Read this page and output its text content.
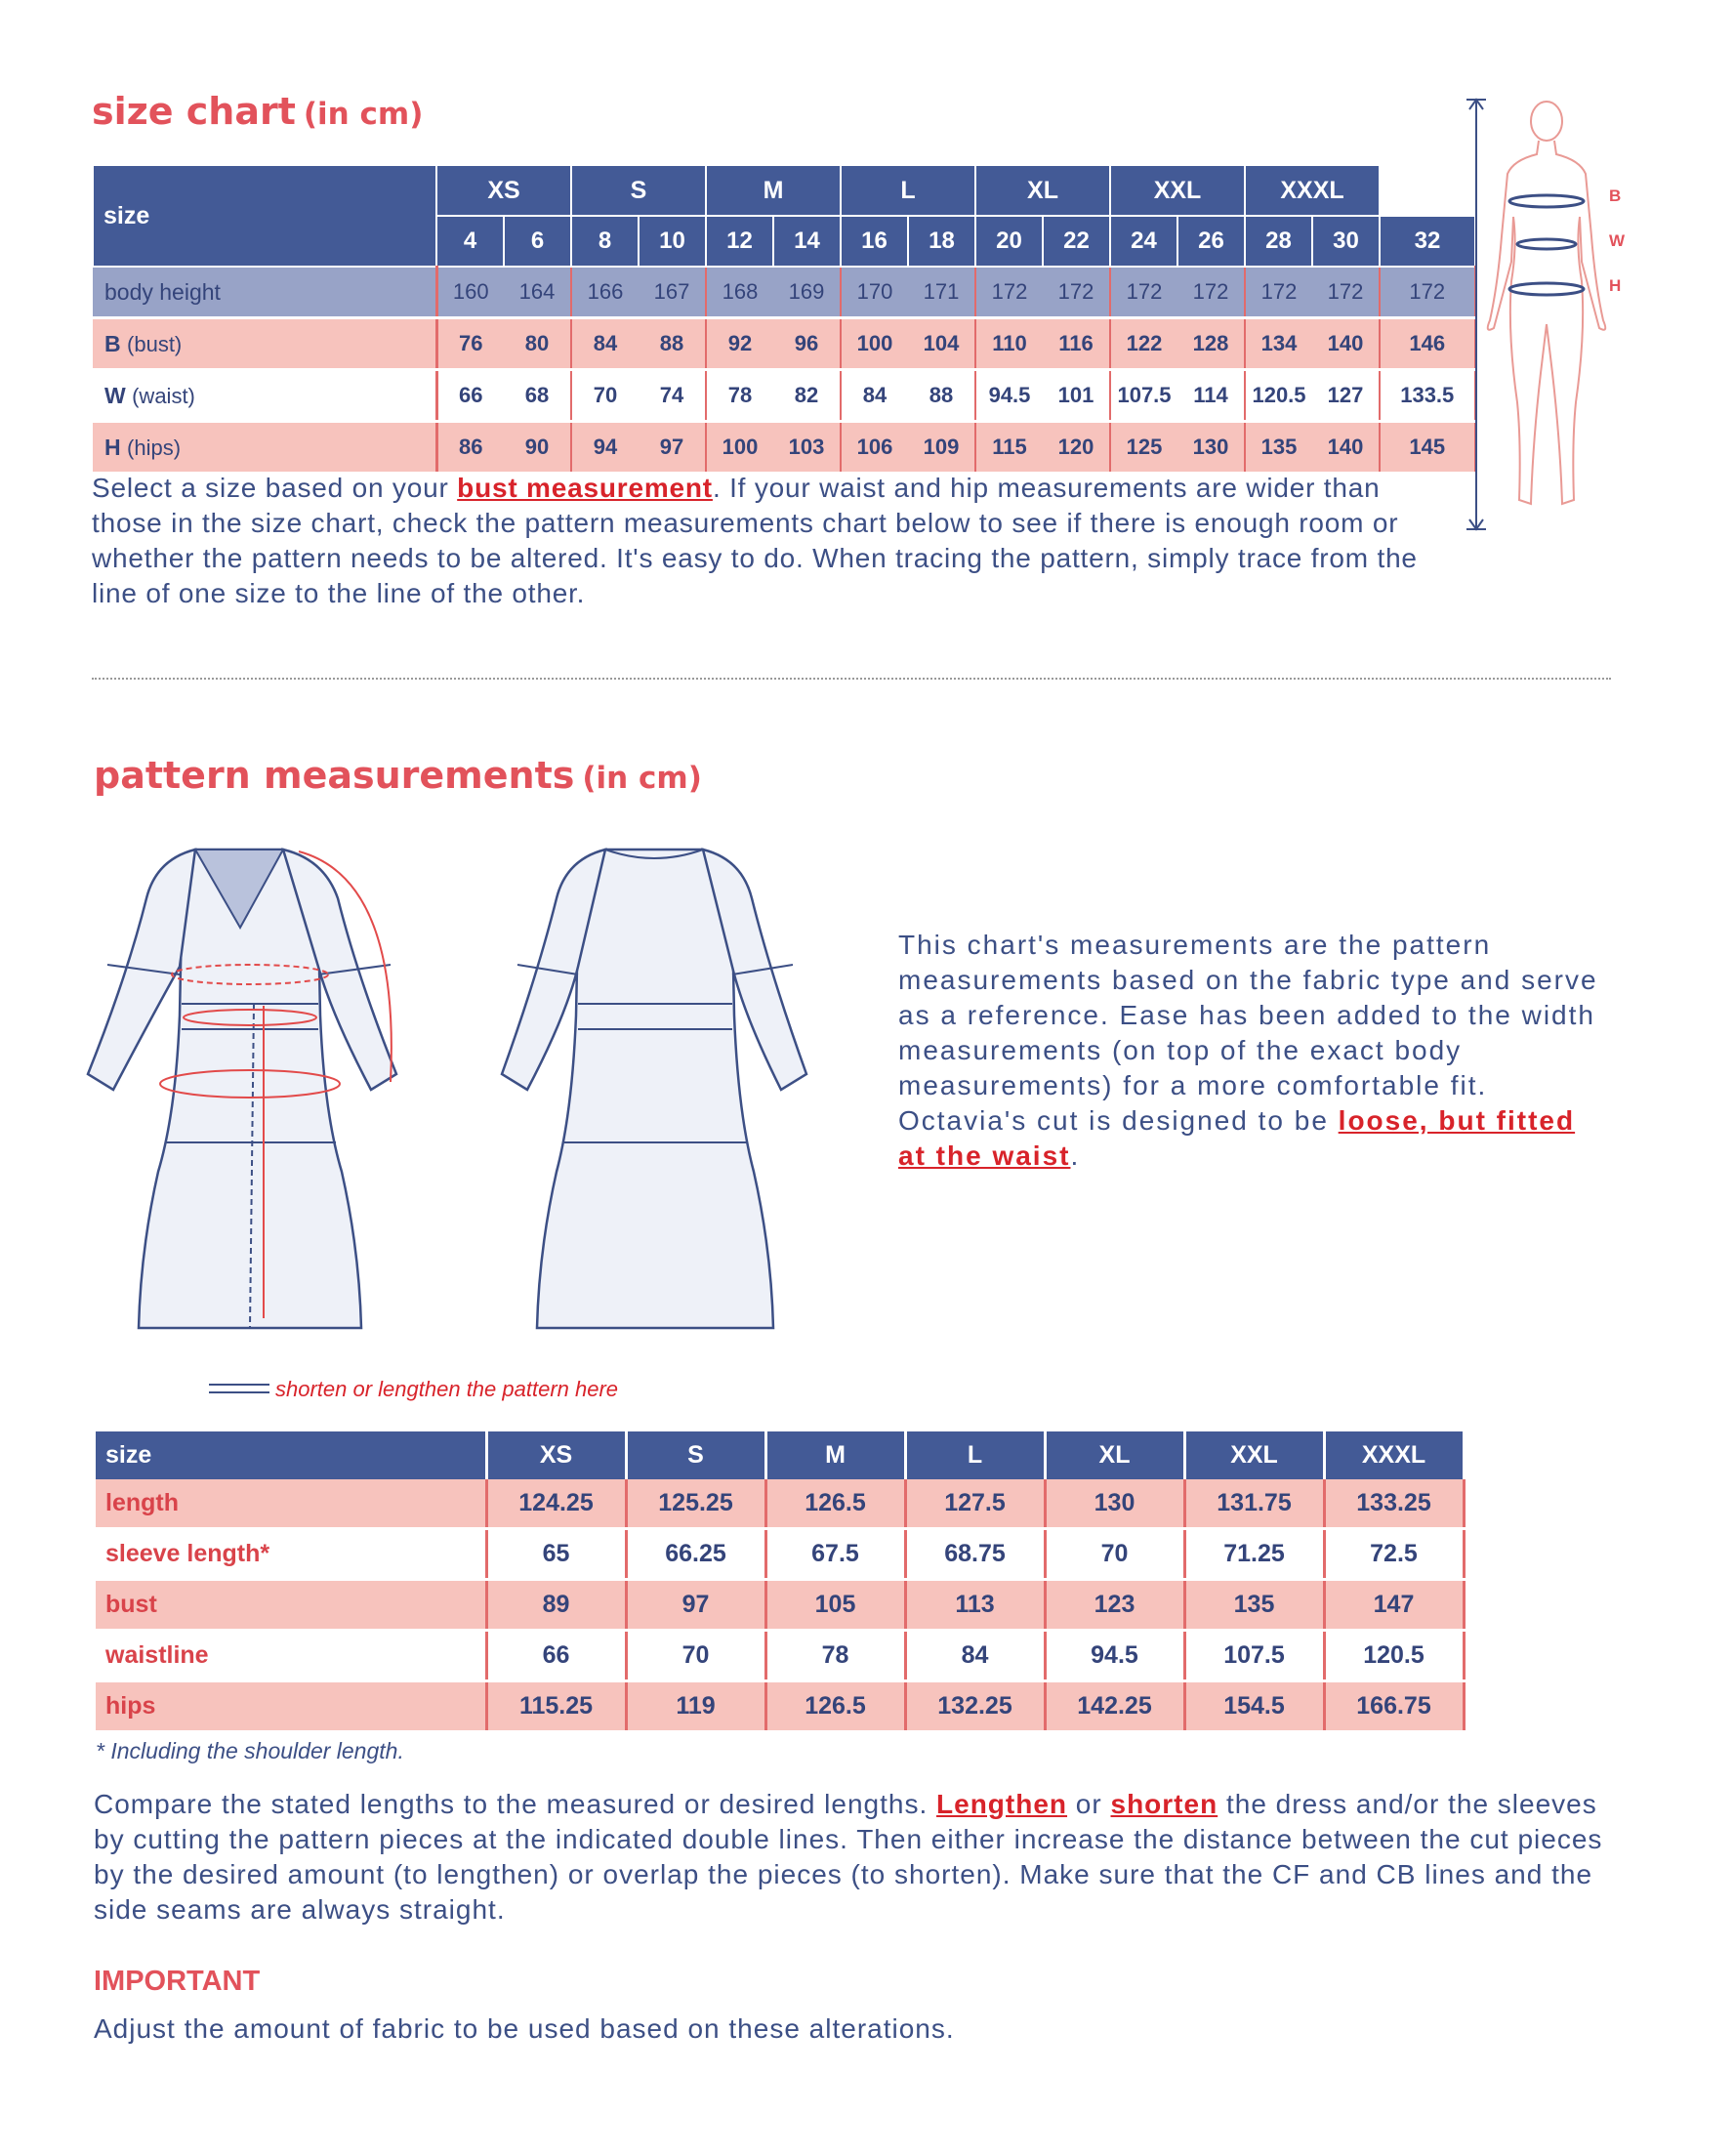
size chart (in cm)
size	XS		S		M		L		XL		XXL		XXXL		
	4	6	8	10	12	14	16	18	20	22	24	26	28	30	32
body height	160	164	166	167	168	169	170	171	172	172	172	172	172	172	172
B (bust)	76	80	84	88	92	96	100	104	110	116	122	128	134	140	146
W (waist)	66	68	70	74	78	82	84	88	94.5	101	107.5	114	120.5	127	133.5
H (hips)	86	90	94	97	100	103	106	109	115	120	125	130	135	140	145
Select a size based on your bust measurement. If your waist and hip measurements are wider than those in the size chart, check the pattern measurements chart below to see if there is enough room or whether the pattern needs to be altered. It's easy to do. When tracing the pattern, simply trace from the line of one size to the line of the other.
B
W
H
pattern measurements (in cm)
This chart's measurements are the pattern measurements based on the fabric type and serve as a reference. Ease has been added to the width measurements (on top of the exact body measurements) for a more comfortable fit. Octavia's cut is designed to be loose, but fitted at the waist.
shorten or lengthen the pattern here
size	XS	S	M	L	XL	XXL	XXXL
length	124.25	125.25	126.5	127.5	130	131.75	133.25
sleeve length*	65	66.25	67.5	68.75	70	71.25	72.5
bust	89	97	105	113	123	135	147
waistline	66	70	78	84	94.5	107.5	120.5
hips	115.25	119	126.5	132.25	142.25	154.5	166.75
* Including the shoulder length.
Compare the stated lengths to the measured or desired lengths. Lengthen or shorten the dress and/or the sleeves by cutting the pattern pieces at the indicated double lines. Then either increase the distance between the cut pieces by the desired amount (to lengthen) or overlap the pieces (to shorten). Make sure that the CF and CB lines and the side seams are always straight.
IMPORTANT
Adjust the amount of fabric to be used based on these alterations.
